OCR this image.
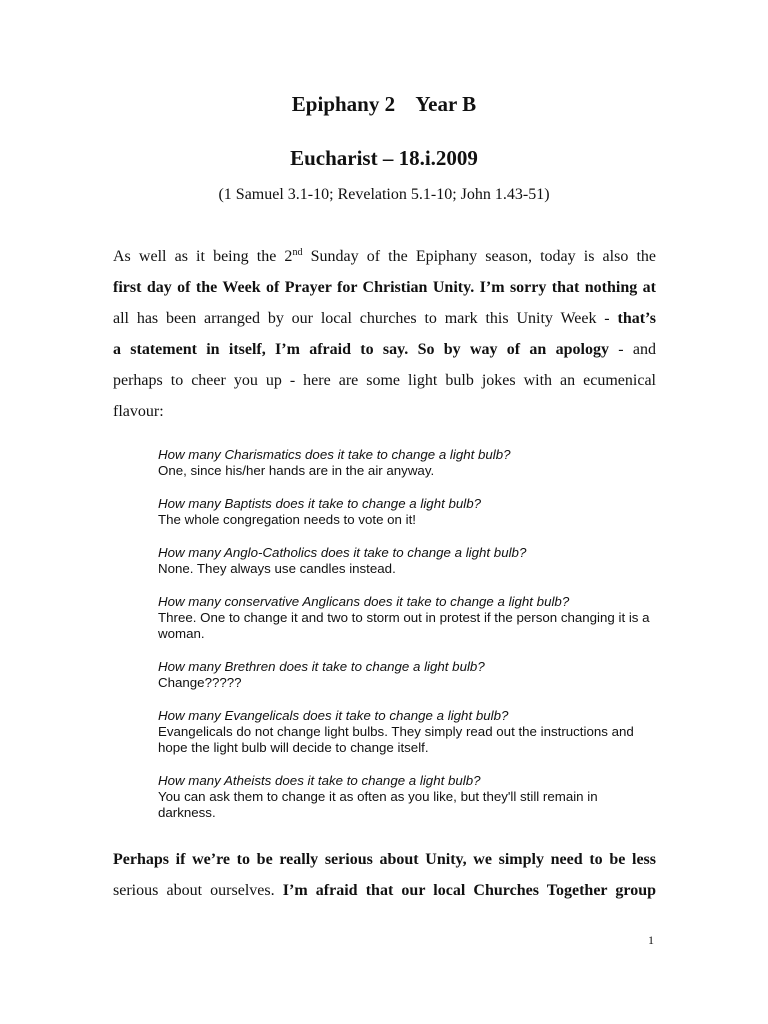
Epiphany 2    Year B
Eucharist – 18.i.2009
(1 Samuel 3.1-10; Revelation 5.1-10; John 1.43-51)
As well as it being the 2nd Sunday of the Epiphany season, today is also the
first day of the Week of Prayer for Christian Unity. I’m sorry that nothing at
all has been arranged by our local churches to mark this Unity Week - that’s
a statement in itself, I’m afraid to say. So by way of an apology - and
perhaps to cheer you up - here are some light bulb jokes with an ecumenical
flavour:
How many Charismatics does it take to change a light bulb?
One, since his/her hands are in the air anyway.
How many Baptists does it take to change a light bulb?
The whole congregation needs to vote on it!
How many Anglo-Catholics does it take to change a light bulb?
None. They always use candles instead.
How many conservative Anglicans does it take to change a light bulb?
Three. One to change it and two to storm out in protest if the person changing it is a woman.
How many Brethren does it take to change a light bulb?
Change?????
How many Evangelicals does it take to change a light bulb?
Evangelicals do not change light bulbs. They simply read out the instructions and hope the light bulb will decide to change itself.
How many Atheists does it take to change a light bulb?
You can ask them to change it as often as you like, but they'll still remain in darkness.
Perhaps if we’re to be really serious about Unity, we simply need to be less
serious about ourselves. I’m afraid that our local Churches Together group
1
